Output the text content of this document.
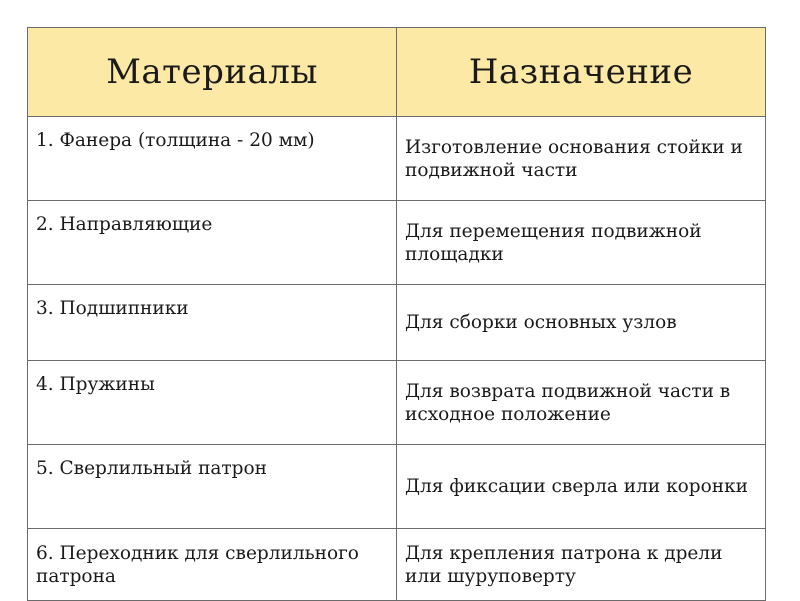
Материалы	Назначение
1. Фанера (толщина - 20 мм)	Изготовление основания стойки и подвижной части
2. Направляющие	Для перемещения подвижной площадки
3. Подшипники	Для сборки основных узлов
4. Пружины	Для возврата подвижной части в исходное положение
5. Сверлильный патрон	Для фиксации сверла или коронки
6. Переходник для сверлильного патрона	Для крепления патрона к дрели или шуруповерту
